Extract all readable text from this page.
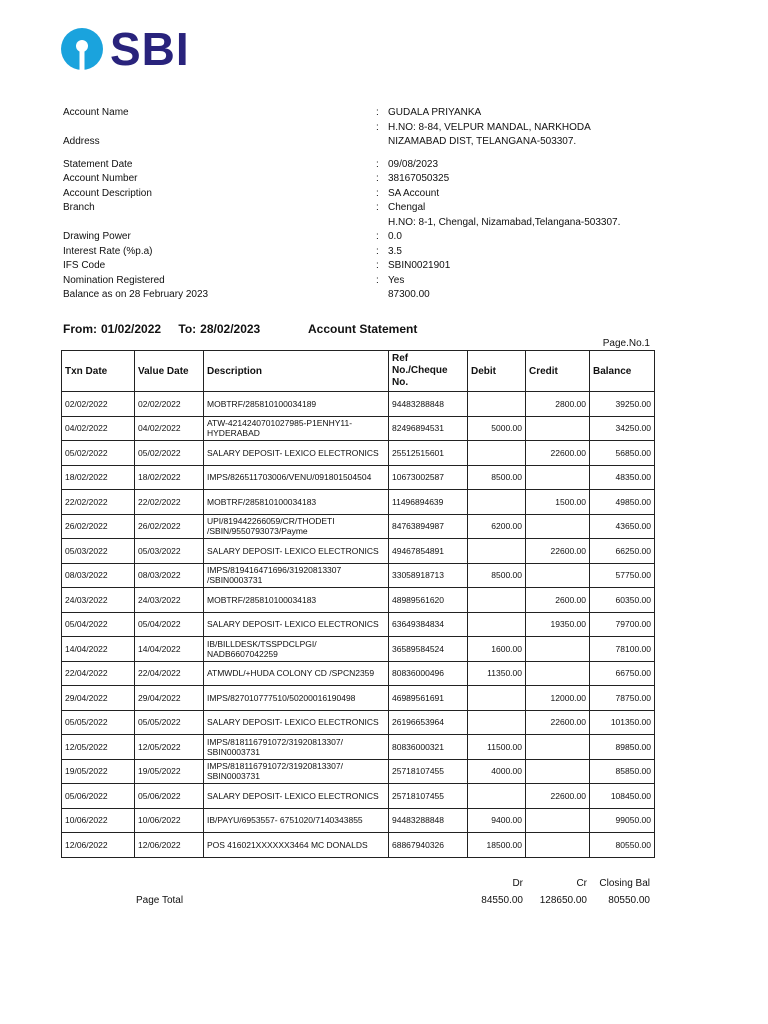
SBI
Account Name	: GUDALA PRIYANKA
: H.NO: 8-84, VELPUR MANDAL, NARKHODA
Address	NIZAMABAD DIST, TELANGANA-503307.
Statement Date	: 09/08/2023
Account Number	: 38167050325
Account Description	: SA Account
Branch	: Chengal
H.NO: 8-1, Chengal, Nizamabad,Telangana-503307.
Drawing Power	: 0.0
Interest Rate (%p.a)	: 3.5
IFS Code	: SBIN0021901
Nomination Registered	: Yes
Balance as on 28 February 2023	87300.00
From: 01/02/2022 To: 28/02/2023	Account Statement
Page.No.1
Txn Date	Value Date	Description	Ref No./Cheque No.	Debit	Credit	Balance
02/02/2022	02/02/2022	MOBTRF/285810100034189	94483288848		2800.00	39250.00
04/02/2022	04/02/2022	ATW-4214240701027985-P1ENHY11-HYDERABAD	82496894531	5000.00		34250.00
05/02/2022	05/02/2022	SALARY DEPOSIT- LEXICO ELECTRONICS	25512515601		22600.00	56850.00
18/02/2022	18/02/2022	IMPS/826511703006/VENU/091801504504	10673002587	8500.00		48350.00
22/02/2022	22/02/2022	MOBTRF/285810100034183	11496894639		1500.00	49850.00
26/02/2022	26/02/2022	UPI/819442266059/CR/THODETI /SBIN/9550793073/Payme	84763894987	6200.00		43650.00
05/03/2022	05/03/2022	SALARY DEPOSIT- LEXICO ELECTRONICS	49467854891		22600.00	66250.00
08/03/2022	08/03/2022	IMPS/819416471696/31920813307 /SBIN0003731	33058918713	8500.00		57750.00
24/03/2022	24/03/2022	MOBTRF/285810100034183	48989561620		2600.00	60350.00
05/04/2022	05/04/2022	SALARY DEPOSIT- LEXICO ELECTRONICS	63649384834		19350.00	79700.00
14/04/2022	14/04/2022	IB/BILLDESK/TSSPDCLPGI/ NADB6607042259	36589584524	1600.00		78100.00
22/04/2022	22/04/2022	ATMWDL/+HUDA COLONY CD /SPCN2359	80836000496	11350.00		66750.00
29/04/2022	29/04/2022	IMPS/827010777510/50200016190498	46989561691		12000.00	78750.00
05/05/2022	05/05/2022	SALARY DEPOSIT- LEXICO ELECTRONICS	26196653964		22600.00	101350.00
12/05/2022	12/05/2022	IMPS/818116791072/31920813307/ SBIN0003731	80836000321	11500.00		89850.00
19/05/2022	19/05/2022	IMPS/818116791072/31920813307/ SBIN0003731	25718107455	4000.00		85850.00
05/06/2022	05/06/2022	SALARY DEPOSIT- LEXICO ELECTRONICS	25718107455		22600.00	108450.00
10/06/2022	10/06/2022	IB/PAYU/6953557- 6751020/7140343855	94483288848	9400.00		99050.00
12/06/2022	12/06/2022	POS 416021XXXXXX3464 MC DONALDS	68867940326	18500.00		80550.00
Dr	Cr Closing Bal
Page Total	84550.00 128650.00 80550.00
